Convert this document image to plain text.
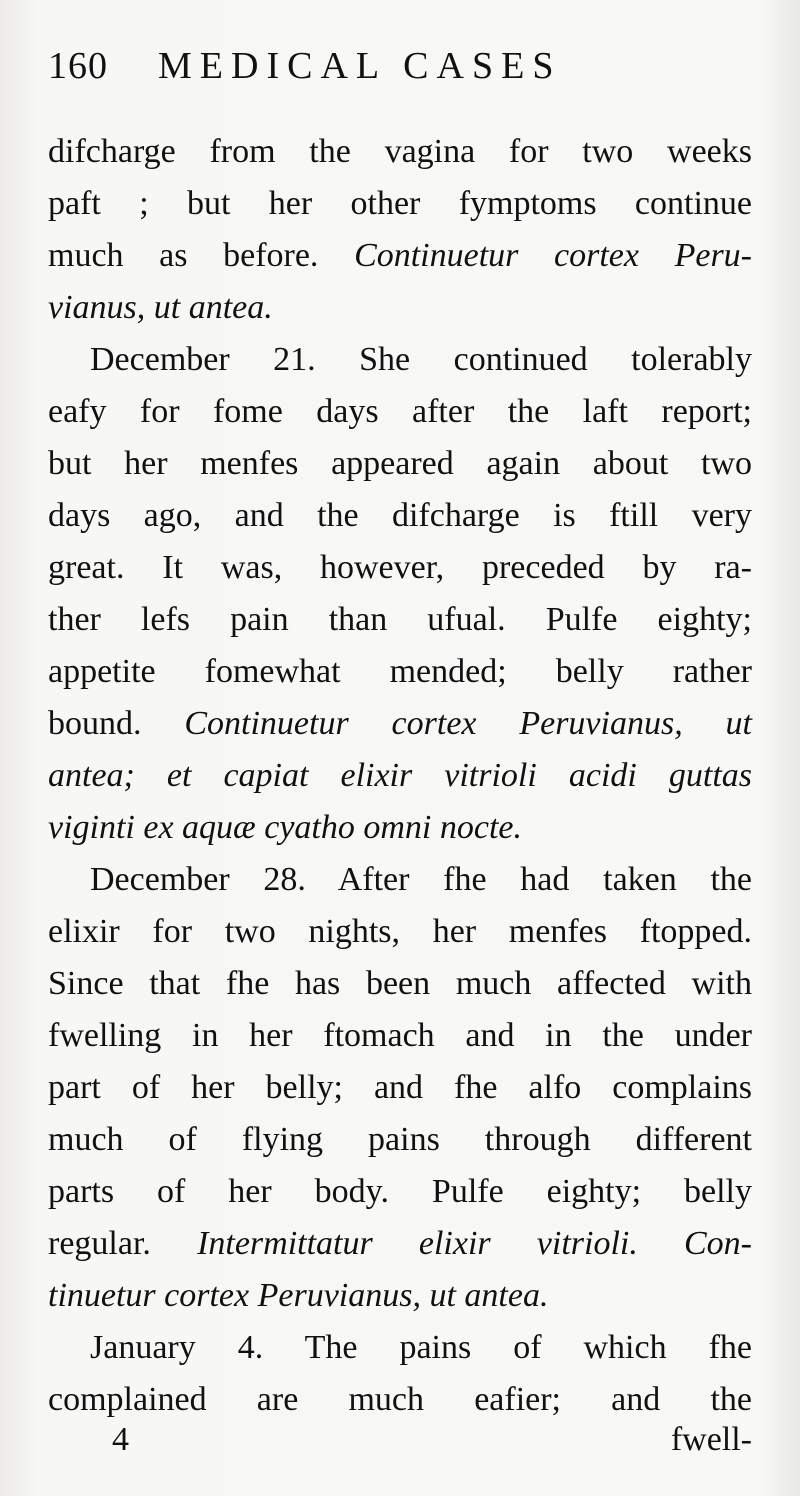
160 MEDICAL CASES
difcharge from the vagina for two weeks
paft ; but her other fymptoms continue
much as before. Continuetur cortex Peru-
vianus, ut antea.
December 21. She continued tolerably
eafy for fome days after the laft report;
but her menfes appeared again about two
days ago, and the difcharge is ftill very
great. It was, however, preceded by ra-
ther lefs pain than ufual. Pulfe eighty;
appetite fomewhat mended; belly rather
bound. Continuetur cortex Peruvianus, ut
antea; et capiat elixir vitrioli acidi guttas
viginti ex aquæ cyatho omni nocte.
December 28. After fhe had taken the
elixir for two nights, her menfes ftopped.
Since that fhe has been much affected with
fwelling in her ftomach and in the under
part of her belly; and fhe alfo complains
much of flying pains through different
parts of her body. Pulfe eighty; belly
regular. Intermittatur elixir vitrioli. Con-
tinuetur cortex Peruvianus, ut antea.
January 4. The pains of which fhe
complained are much eafier; and the
4	fwell-
